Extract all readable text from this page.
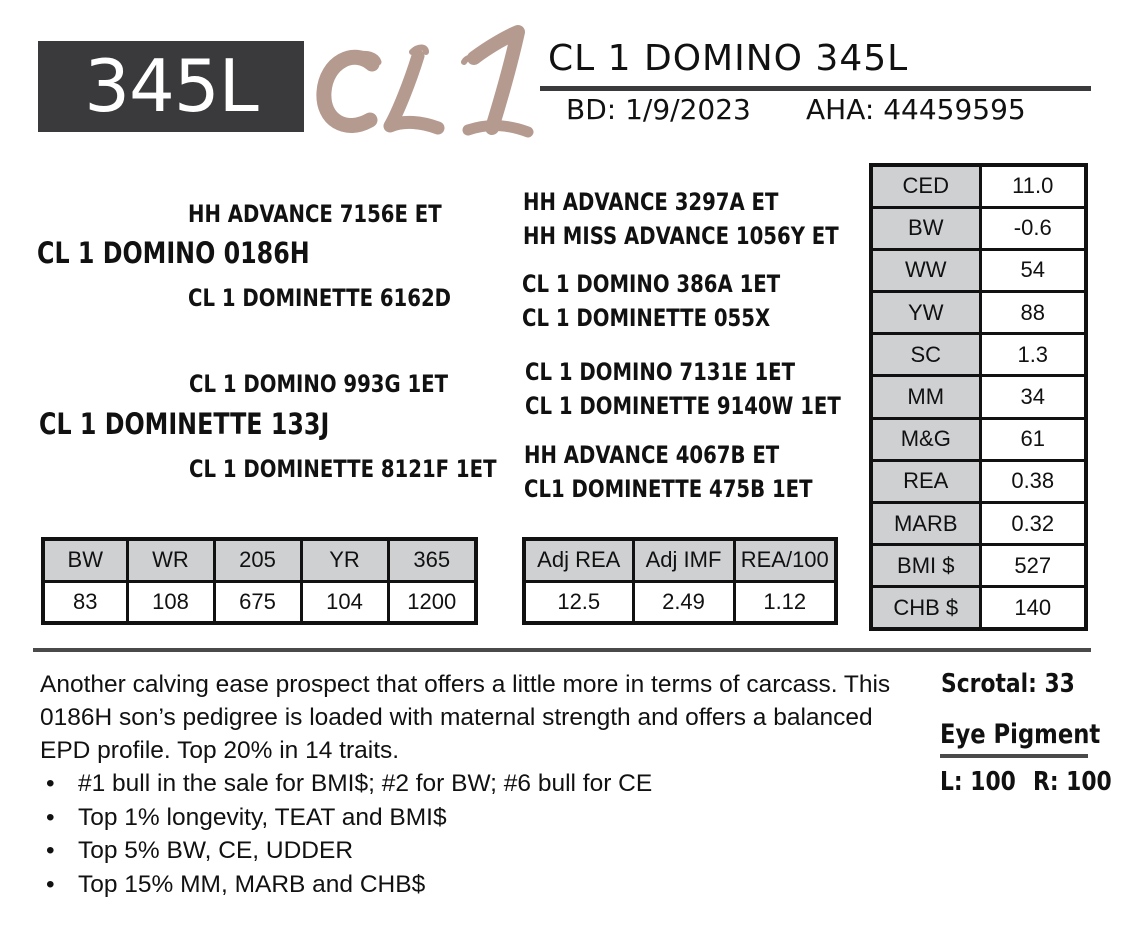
345L	CL 1 DOMINO 345L
BD: 1/9/2023 AHA: 44459595
HH ADVANCE 7156E ET
CL 1 DOMINO 0186H
CL 1 DOMINETTE 6162D
CL 1 DOMINO 993G 1ET
CL 1 DOMINETTE 133J
CL 1 DOMINETTE 8121F 1ET
HH ADVANCE 3297A ET
HH MISS ADVANCE 1056Y ET
CL 1 DOMINO 386A 1ET
CL 1 DOMINETTE 055X
CL 1 DOMINO 7131E 1ET
CL 1 DOMINETTE 9140W 1ET
HH ADVANCE 4067B ET
CL1 DOMINETTE 475B 1ET
CED	11.0
BW	-0.6
WW	54
YW	88
SC	1.3
MM	34
M&G	61
REA	0.38
MARB	0.32
BMI $	527
CHB $	140
BW	WR	205	YR	365
83	108	675	104	1200
Adj REA	Adj IMF	REA/100
12.5	2.49	1.12
Another calving ease prospect that offers a little more in terms of carcass. This 0186H son’s pedigree is loaded with maternal strength and offers a balanced EPD profile. Top 20% in 14 traits.
• #1 bull in the sale for BMI$; #2 for BW; #6 bull for CE
• Top 1% longevity, TEAT and BMI$
• Top 5% BW, CE, UDDER
• Top 15% MM, MARB and CHB$
Scrotal: 33
Eye Pigment
L: 100 R: 100
